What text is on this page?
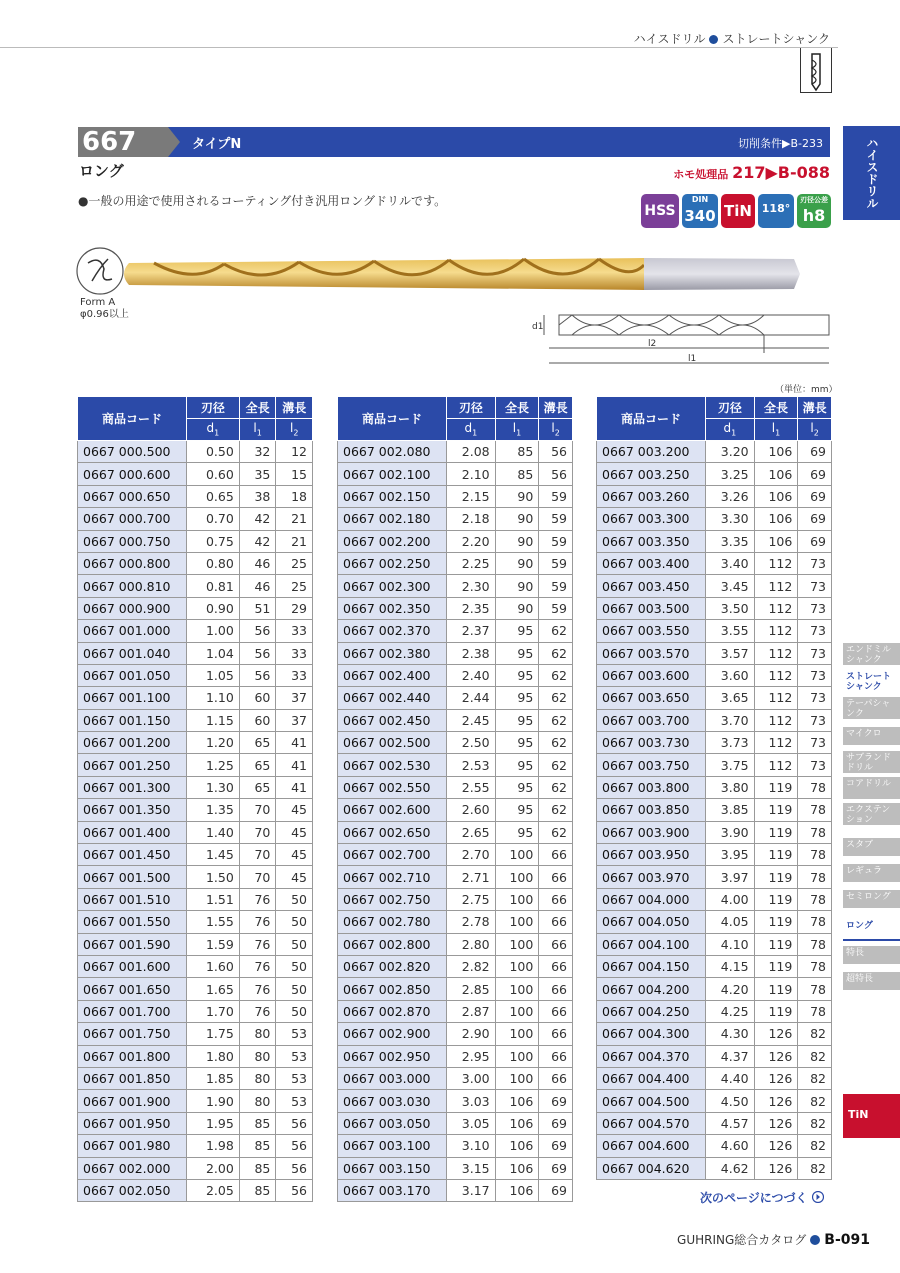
ハイスドリル ストレートシャンク
667	タイプN	切削条件▶B-233
ロング	ホモ処理品 217▶B-088
●一般の用途で使用されるコーティング付き汎用ロングドリルです。
HSS
DIN
340 TiN 118°
刃径公差
h8
ハイスドリル
d1
l2
l1
Form A
φ0.96以上
（単位：mm）
商品コード	刃径	全長	溝長
	$d_1$	$l_1$	$l_2$
0667 000.500	0.50	32	12
0667 000.600	0.60	35	15
0667 000.650	0.65	38	18
0667 000.700	0.70	42	21
0667 000.750	0.75	42	21
0667 000.800	0.80	46	25
0667 000.810	0.81	46	25
0667 000.900	0.90	51	29
0667 001.000	1.00	56	33
0667 001.040	1.04	56	33
0667 001.050	1.05	56	33
0667 001.100	1.10	60	37
0667 001.150	1.15	60	37
0667 001.200	1.20	65	41
0667 001.250	1.25	65	41
0667 001.300	1.30	65	41
0667 001.350	1.35	70	45
0667 001.400	1.40	70	45
0667 001.450	1.45	70	45
0667 001.500	1.50	70	45
0667 001.510	1.51	76	50
0667 001.550	1.55	76	50
0667 001.590	1.59	76	50
0667 001.600	1.60	76	50
0667 001.650	1.65	76	50
0667 001.700	1.70	76	50
0667 001.750	1.75	80	53
0667 001.800	1.80	80	53
0667 001.850	1.85	80	53
0667 001.900	1.90	80	53
0667 001.950	1.95	85	56
0667 001.980	1.98	85	56
0667 002.000	2.00	85	56
0667 002.050	2.05	85	56
商品コード	刃径	全長	溝長
	$d_1$	$l_1$	$l_2$
0667 002.080	2.08	85	56
0667 002.100	2.10	85	56
0667 002.150	2.15	90	59
0667 002.180	2.18	90	59
0667 002.200	2.20	90	59
0667 002.250	2.25	90	59
0667 002.300	2.30	90	59
0667 002.350	2.35	90	59
0667 002.370	2.37	95	62
0667 002.380	2.38	95	62
0667 002.400	2.40	95	62
0667 002.440	2.44	95	62
0667 002.450	2.45	95	62
0667 002.500	2.50	95	62
0667 002.530	2.53	95	62
0667 002.550	2.55	95	62
0667 002.600	2.60	95	62
0667 002.650	2.65	95	62
0667 002.700	2.70	100	66
0667 002.710	2.71	100	66
0667 002.750	2.75	100	66
0667 002.780	2.78	100	66
0667 002.800	2.80	100	66
0667 002.820	2.82	100	66
0667 002.850	2.85	100	66
0667 002.870	2.87	100	66
0667 002.900	2.90	100	66
0667 002.950	2.95	100	66
0667 003.000	3.00	100	66
0667 003.030	3.03	106	69
0667 003.050	3.05	106	69
0667 003.100	3.10	106	69
0667 003.150	3.15	106	69
0667 003.170	3.17	106	69
商品コード	刃径	全長	溝長
	$d_1$	$l_1$	$l_2$
0667 003.200	3.20	106	69
0667 003.250	3.25	106	69
0667 003.260	3.26	106	69
0667 003.300	3.30	106	69
0667 003.350	3.35	106	69
0667 003.400	3.40	112	73
0667 003.450	3.45	112	73
0667 003.500	3.50	112	73
0667 003.550	3.55	112	73
0667 003.570	3.57	112	73
0667 003.600	3.60	112	73
0667 003.650	3.65	112	73
0667 003.700	3.70	112	73
0667 003.730	3.73	112	73
0667 003.750	3.75	112	73
0667 003.800	3.80	119	78
0667 003.850	3.85	119	78
0667 003.900	3.90	119	78
0667 003.950	3.95	119	78
0667 003.970	3.97	119	78
0667 004.000	4.00	119	78
0667 004.050	4.05	119	78
0667 004.100	4.10	119	78
0667 004.150	4.15	119	78
0667 004.200	4.20	119	78
0667 004.250	4.25	119	78
0667 004.300	4.30	126	82
0667 004.370	4.37	126	82
0667 004.400	4.40	126	82
0667 004.500	4.50	126	82
0667 004.570	4.57	126	82
0667 004.600	4.60	126	82
0667 004.620	4.62	126	82
エンドミルシャンク
ストレートシャンク
テーパシャンク
マイクロ
サブランドドリル
コアドリル
エクステンション
スタブ
レギュラ
セミロング
ロング
特長
超特長
TiN
次のページにつづく
GUHRING総合カタログ B-091
